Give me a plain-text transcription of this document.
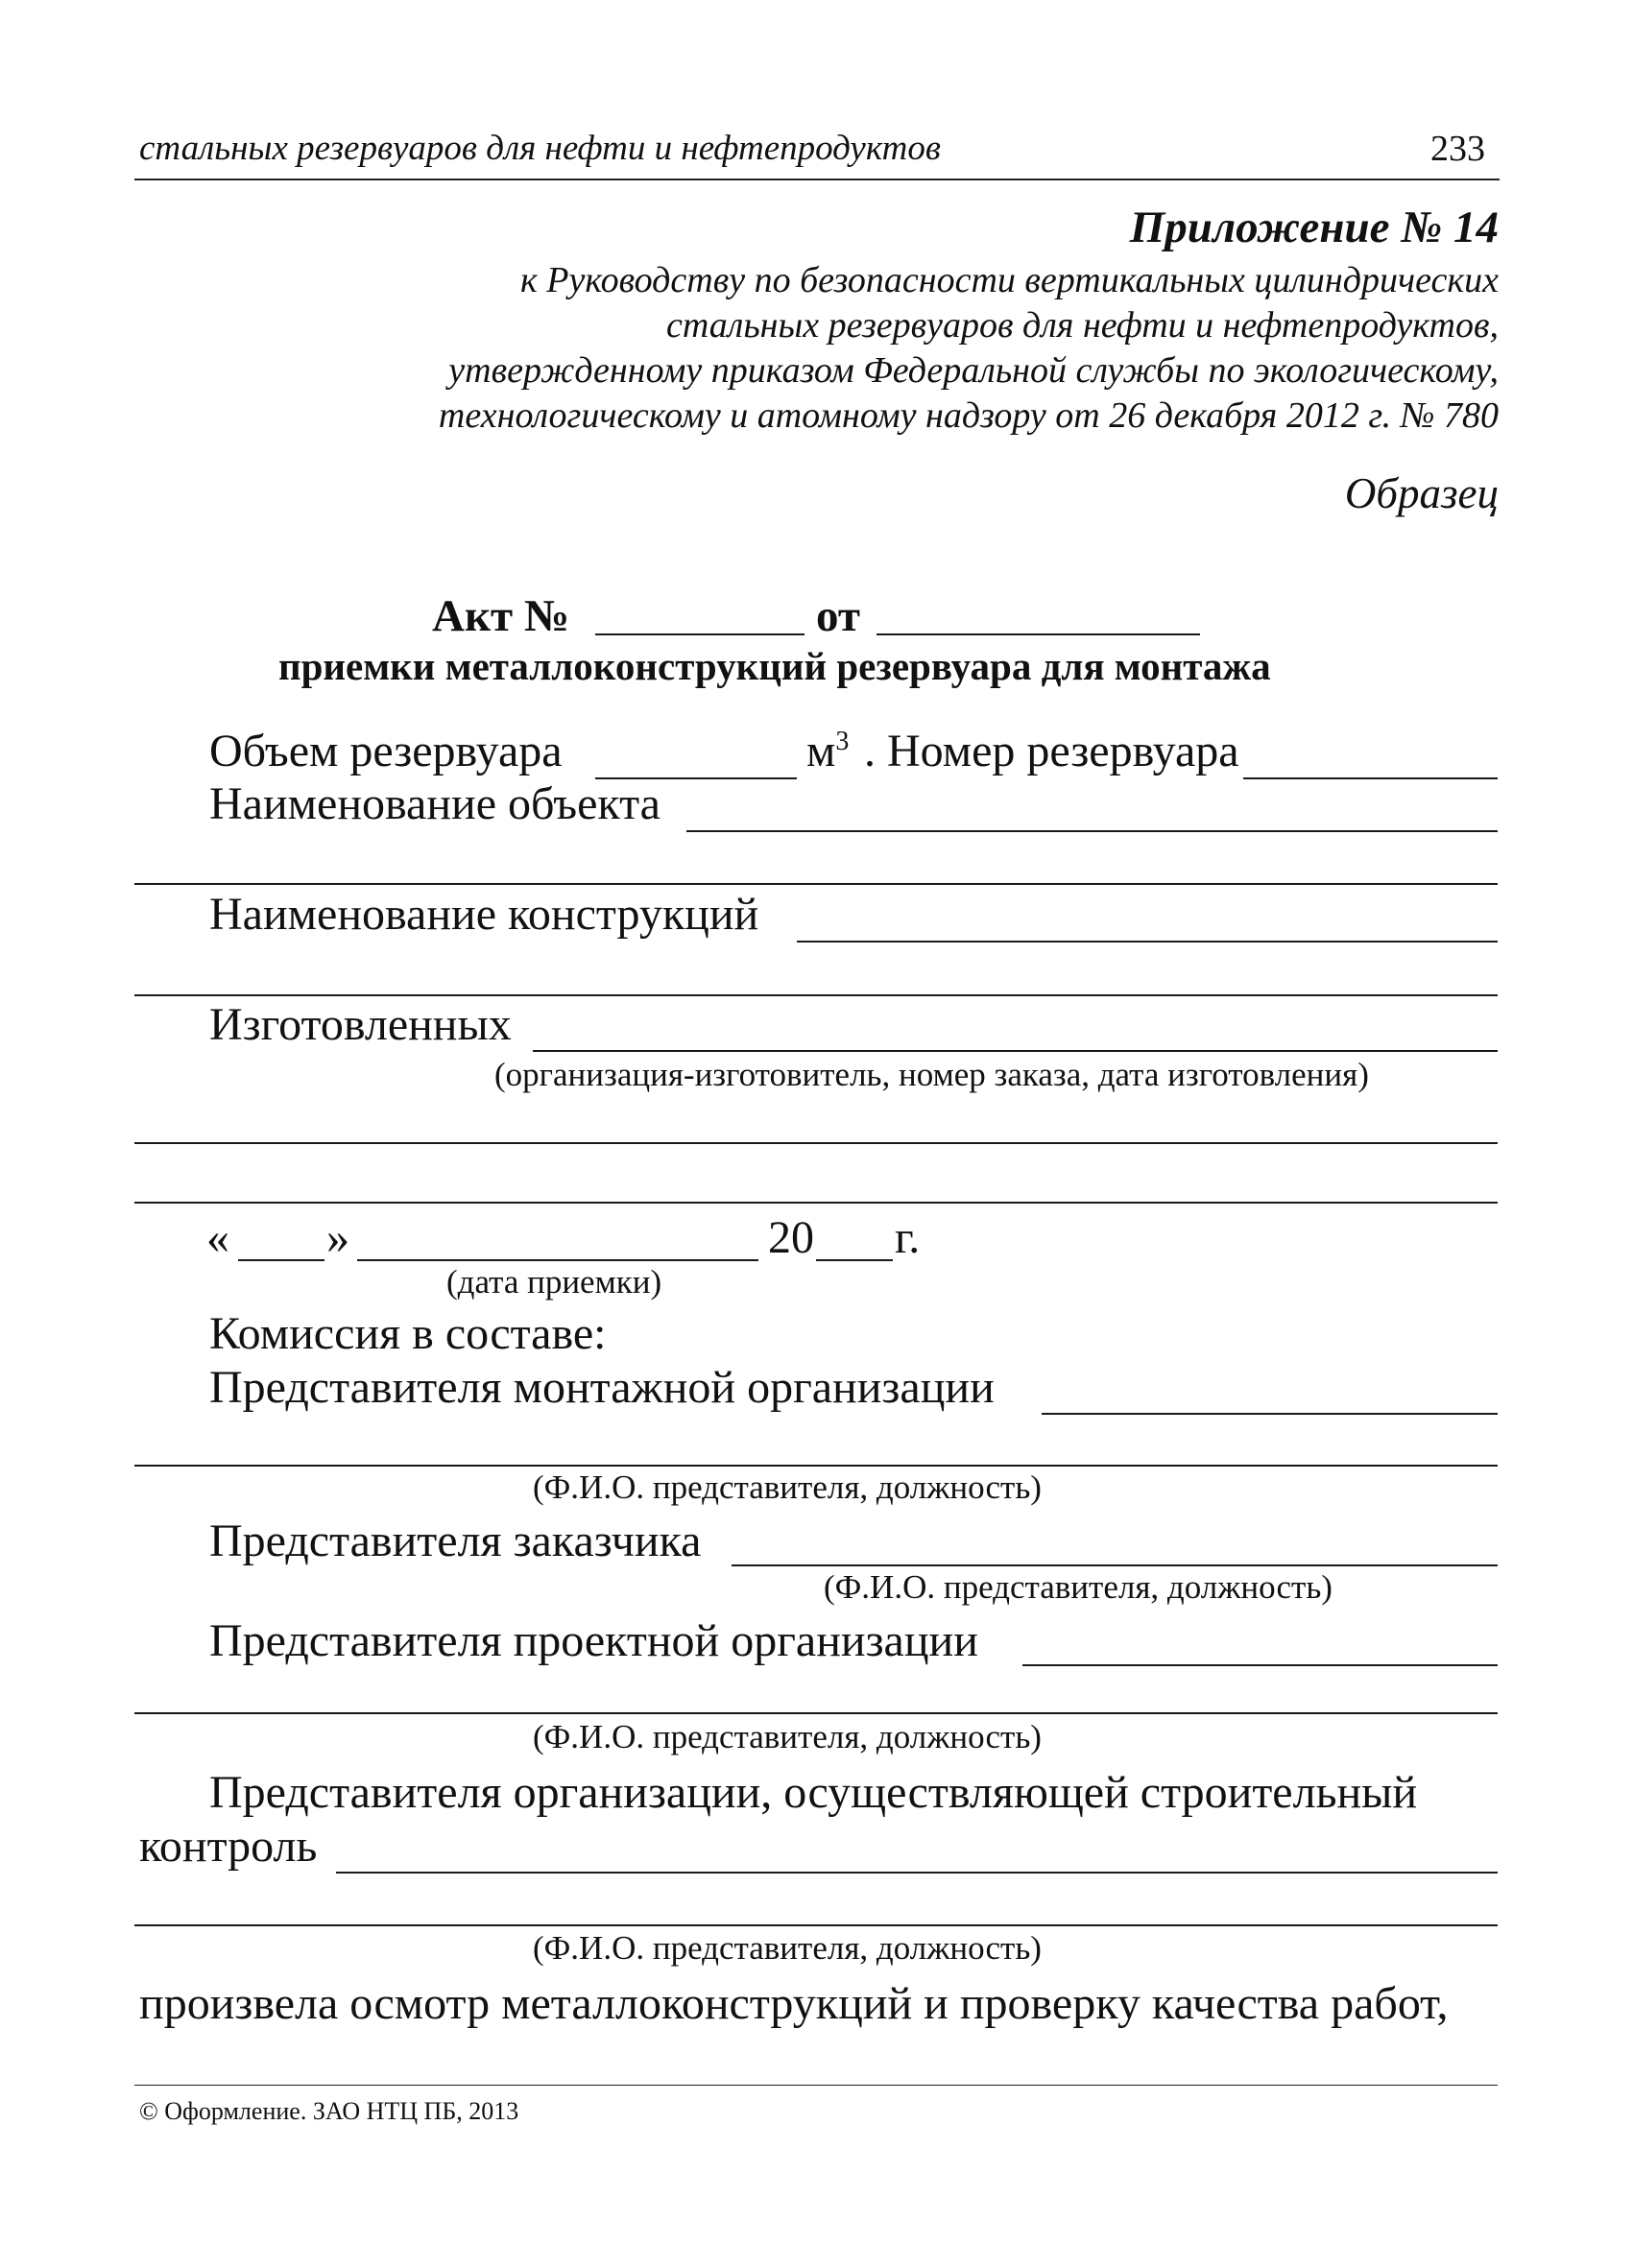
стальных резервуаров для нефти и нефтепродуктов	233
Приложение № 14
к Руководству по безопасности вертикальных цилиндрических
стальных резервуаров для нефти и нефтепродуктов,
утвержденному приказом Федеральной службы по экологическому,
технологическому и атомному надзору от 26 декабря 2012 г. № 780
Образец
Акт №	от
приемки металлоконструкций резервуара для монтажа
Объем резервуара	$м^3$ . Номер резервуара
Наименование объекта
Наименование конструкций
Изготовленных
(организация-изготовитель, номер заказа, дата изготовления)
« »	20 г.
(дата приемки)
Комиссия в составе:
Представителя монтажной организации
(Ф.И.О. представителя, должность)
Представителя заказчика
(Ф.И.О. представителя, должность)
Представителя проектной организации
(Ф.И.О. представителя, должность)
Представителя организации, осуществляющей строительный
контроль
(Ф.И.О. представителя, должность)
произвела осмотр металлоконструкций и проверку качества работ,
© Оформление. ЗАО НТЦ ПБ, 2013
